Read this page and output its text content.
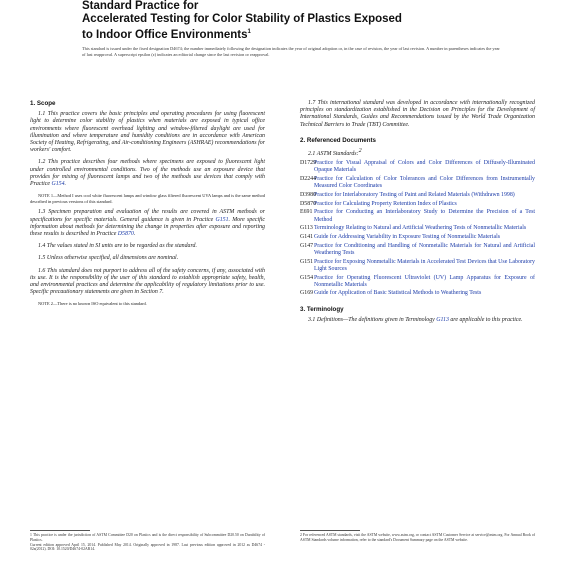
Standard Practice for
Accelerated Testing for Color Stability of Plastics Exposed
to Indoor Office Environments$^1$
This standard is issued under the fixed designation D4674; the number immediately following the designation indicates the year of original adoption or, in the case of revision, the year of last revision. A number in parentheses indicates the year of last reapproval. A superscript epsilon (ε) indicates an editorial change since the last revision or reapproval.
1. Scope

1.1 This practice covers the basic principles and operating procedures for using fluorescent light to determine color stability of plastics when materials are exposed in typical office environments where fluorescent overhead lighting and window-filtered daylight are used for illumination and where temperature and humidity conditions are in accordance with American Society of Heating, Refrigerating, and Air-conditioning Engineers (ASHRAE) recommendations for workers' comfort.

1.2 This practice describes four methods where specimens are exposed to fluorescent light under controlled environmental conditions. Two of the methods use an exposure device that provides for mixing of fluorescent lamps and two of the methods use devices that comply with Practice G154.

NOTE 1—Method I uses cool white fluorescent lamps and window glass filtered fluorescent UVA lamps and is the same method described in previous versions of this standard.

1.3 Specimen preparation and evaluation of the results are covered in ASTM methods or specifications for specific materials. General guidance is given in Practice G151. More specific information about methods for determining the change in properties after exposure and reporting these results is described in Practice D5870.

1.4 The values stated in SI units are to be regarded as the standard.

1.5 Unless otherwise specified, all dimensions are nominal.

1.6 This standard does not purport to address all of the safety concerns, if any, associated with its use. It is the responsibility of the user of this standard to establish appropriate safety, health, and environmental practices and determine the applicability of regulatory limitations prior to use. Specific precautionary statements are given in Section 7.

NOTE 2—There is no known ISO equivalent to this standard.

1.7 This international standard was developed in accordance with internationally recognized principles on standardization established in the Decision on Principles for the Development of International Standards, Guides and Recommendations issued by the World Trade Organization Technical Barriers to Trade (TBT) Committee.

2. Referenced Documents

2.1 ASTM Standards:2

D1729
Practice for Visual Appraisal of Colors and Color Differences of Diffusely-Illuminated Opaque Materials

D2244
Practice for Calculation of Color Tolerances and Color Differences from Instrumentally Measured Color Coordinates

D3980
Practice for Interlaboratory Testing of Paint and Related Materials (Withdrawn 1998)

D5870
Practice for Calculating Property Retention Index of Plastics

E691 Practice for Conducting an Interlaboratory Study to Determine the Precision of a Test Method

G113 Terminology Relating to Natural and Artificial Weathering Tests of Nonmetallic Materials

G141 Guide for Addressing Variability in Exposure Testing of Nonmetallic Materials

G147 Practice for Conditioning and Handling of Nonmetallic Materials for Natural and Artificial Weathering Tests

G151 Practice for Exposing Nonmetallic Materials in Accelerated Test Devices that Use Laboratory Light Sources

G154 Practice for Operating Fluorescent Ultraviolet (UV) Lamp Apparatus for Exposure of Nonmetallic Materials

G169 Guide for Application of Basic Statistical Methods to Weathering Tests

3. Terminology

3.1 Definitions—The definitions given in Terminology G113 are applicable to this practice.

1 This practice is under the jurisdiction of ASTM Committee D20 on Plastics and is the direct responsibility of Subcommittee D20.50 on Durability of Plastics.
Current edition approved April 15, 2014. Published May 2014. Originally approved in 1987. Last previous edition approved in 2012 as D4674 - 02a(2012). DOI: 10.1520/D4674-02AR14.
2 For referenced ASTM standards, visit the ASTM website, www.astm.org, or contact ASTM Customer Service at service@astm.org. For Annual Book of ASTM Standards volume information, refer to the standard's Document Summary page on the ASTM website.
